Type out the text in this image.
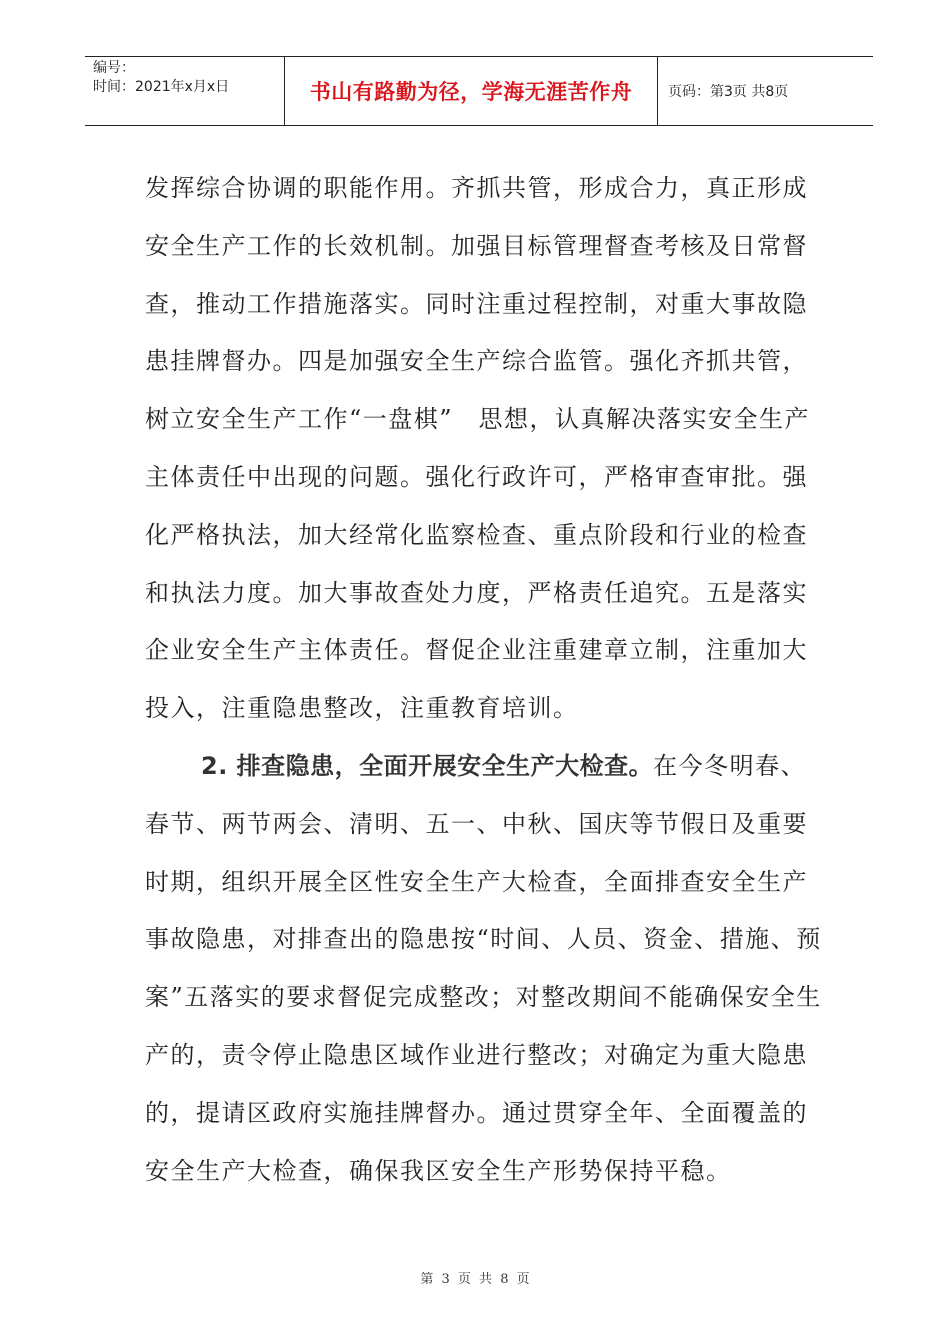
编号：
时间：2021年x月x日	书山有路勤为径，学海无涯苦作舟	页码：第3页 共8页

发挥综合协调的职能作用。齐抓共管，形成合力，真正形成安全生产工作的长效机制。加强目标管理督查考核及日常督查，推动工作措施落实。同时注重过程控制，对重大事故隐患挂牌督办。四是加强安全生产综合监管。强化齐抓共管，树立安全生产工作“一盘棋”　思想，认真解决落实安全生产主体责任中出现的问题。强化行政许可，严格审查审批。强化严格执法，加大经常化监察检查、重点阶段和行业的检查和执法力度。加大事故查处力度，严格责任追究。五是落实企业安全生产主体责任。督促企业注重建章立制，注重加大投入，注重隐患整改，注重教育培训。

2. 排查隐患，全面开展安全生产大检查。在今冬明春、春节、两节两会、清明、五一、中秋、国庆等节假日及重要时期，组织开展全区性安全生产大检查，全面排查安全生产事故隐患，对排查出的隐患按“时间、人员、资金、措施、预案”五落实的要求督促完成整改；对整改期间不能确保安全生产的，责令停止隐患区域作业进行整改；对确定为重大隐患的，提请区政府实施挂牌督办。通过贯穿全年、全面覆盖的安全生产大检查，确保我区安全生产形势保持平稳。

第 3 页 共 8 页
